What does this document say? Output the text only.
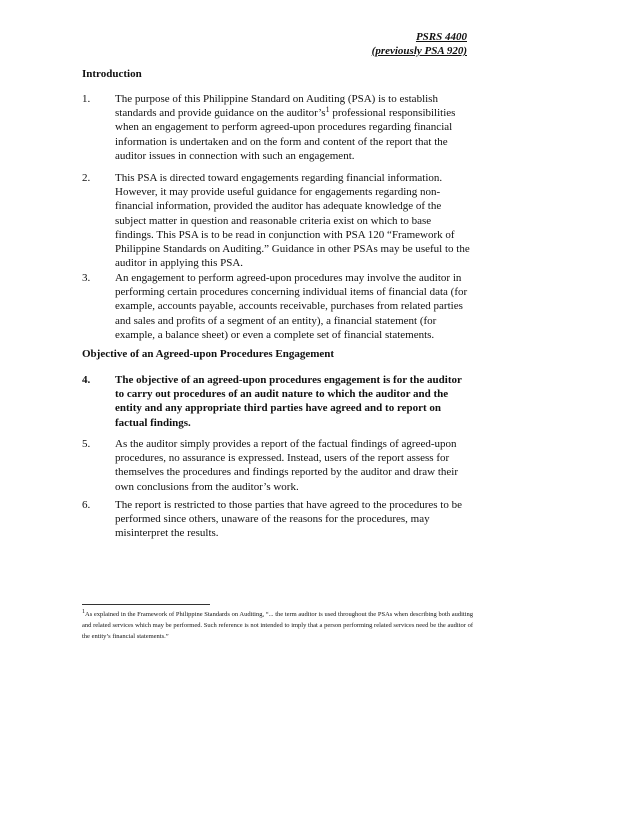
PSRS 4400
(previously PSA 920)
Introduction
1.	The purpose of this Philippine Standard on Auditing (PSA) is to establish standards and provide guidance on the $auditor’s^1$ professional responsibilities when an engagement to perform agreed-upon procedures regarding financial information is undertaken and on the form and content of the report that the auditor issues in connection with such an engagement.
2.	This PSA is directed toward engagements regarding financial information. However, it may provide useful guidance for engagements regarding non-financial information, provided the auditor has adequate knowledge of the subject matter in question and reasonable criteria exist on which to base findings. This PSA is to be read in conjunction with PSA 120 “Framework of Philippine Standards on Auditing.” Guidance in other PSAs may be useful to the auditor in applying this PSA.
3.	An engagement to perform agreed-upon procedures may involve the auditor in performing certain procedures concerning individual items of financial data (for example, accounts payable, accounts receivable, purchases from related parties and sales and profits of a segment of an entity), a financial statement (for example, a balance sheet) or even a complete set of financial statements.
Objective of an Agreed-upon Procedures Engagement
4.	The objective of an agreed-upon procedures engagement is for the auditor to carry out procedures of an audit nature to which the auditor and the entity and any appropriate third parties have agreed and to report on factual findings.
5.	As the auditor simply provides a report of the factual findings of agreed-upon procedures, no assurance is expressed. Instead, users of the report assess for themselves the procedures and findings reported by the auditor and draw their own conclusions from the auditor’s work.
6.	The report is restricted to those parties that have agreed to the procedures to be performed since others, unaware of the reasons for the procedures, may misinterpret the results.
$^1$As explained in the Framework of Philippine Standards on Auditing, “... the term auditor is used throughout the PSAs when describing both auditing and related services which may be performed. Such reference is not intended to imply that a person performing related services need be the auditor of the entity’s financial statements.”
